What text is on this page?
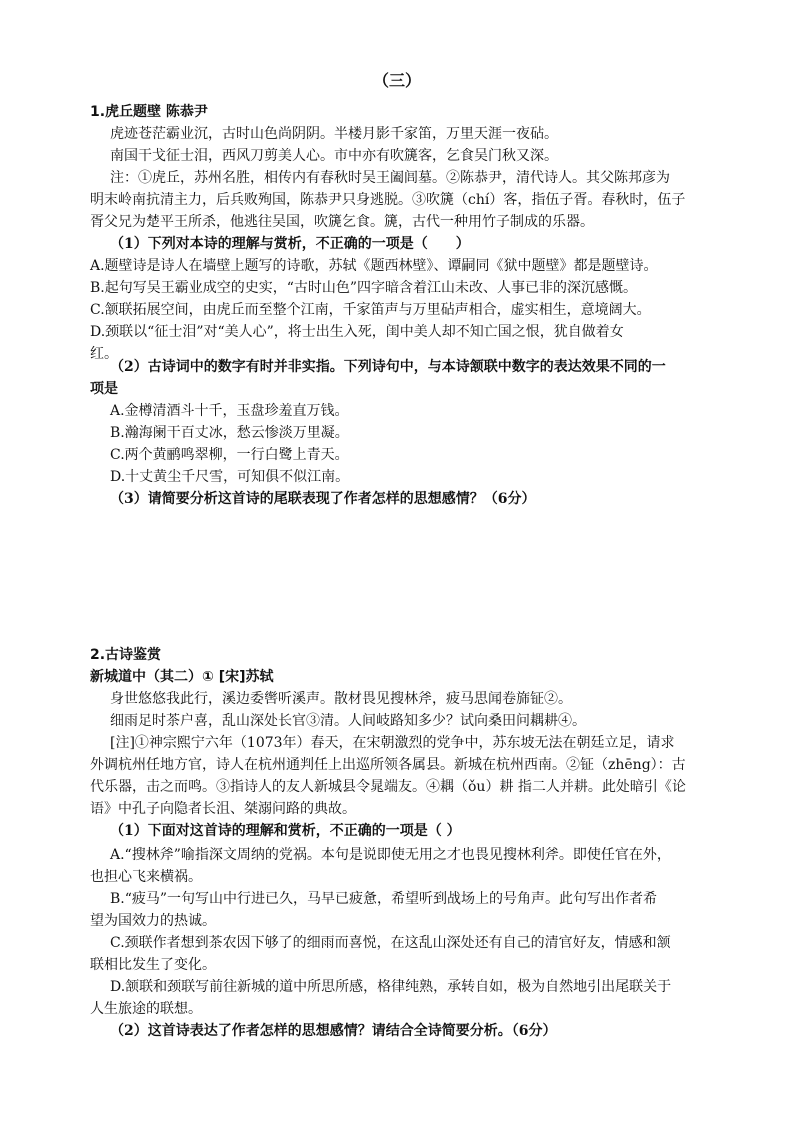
（三）
1.虎丘题壁 陈恭尹
虎迹苍茫霸业沉，古时山色尚阴阴。半楼月影千家笛，万里天涯一夜砧。
南国干戈征士泪，西风刀剪美人心。市中亦有吹篪客，乞食吴门秋又深。
注：①虎丘，苏州名胜，相传内有春秋时吴王阖闾墓。②陈恭尹，清代诗人。其父陈邦彦为
明末岭南抗清主力，后兵败殉国，陈恭尹只身逃脱。③吹篪（chí）客，指伍子胥。春秋时，伍子
胥父兄为楚平王所杀，他逃往吴国，吹篪乞食。篪，古代一种用竹子制成的乐器。
（1）下列对本诗的理解与赏析，不正确的一项是（　　）
A.题壁诗是诗人在墙壁上题写的诗歌，苏轼《题西林壁》、谭嗣同《狱中题壁》都是题壁诗。
B.起句写吴王霸业成空的史实，“古时山色”四字暗含着江山未改、人事已非的深沉感慨。
C.颔联拓展空间，由虎丘而至整个江南，千家笛声与万里砧声相合，虚实相生，意境阔大。
D.颈联以“征士泪”对“美人心”，将士出生入死，闺中美人却不知亡国之恨，犹自做着女
红。
（2）古诗词中的数字有时并非实指。下列诗句中，与本诗颔联中数字的表达效果不同的一
项是
A.金樽清酒斗十千，玉盘珍羞直万钱。
B.瀚海阑干百丈冰，愁云惨淡万里凝。
C.两个黄鹂鸣翠柳，一行白鹭上青天。
D.十丈黄尘千尺雪，可知俱不似江南。
（3）请简要分析这首诗的尾联表现了作者怎样的思想感情？（6分）
2.古诗鉴赏
新城道中（其二）① [宋]苏轼
身世悠悠我此行，溪边委辔听溪声。散材畏见搜林斧，疲马思闻卷旆钲②。
细雨足时茶户喜，乱山深处长官③清。人间岐路知多少？试向桑田问耦耕④。
[注]①神宗熙宁六年（1073年）春天，在宋朝激烈的党争中，苏东坡无法在朝廷立足，请求
外调杭州任地方官，诗人在杭州通判任上出巡所领各属县。新城在杭州西南。②钲（zhēng）：古
代乐器，击之而鸣。③指诗人的友人新城县令晁端友。④耦（ǒu）耕 指二人并耕。此处暗引《论
语》中孔子向隐者长沮、桀溺问路的典故。
（1）下面对这首诗的理解和赏析，不正确的一项是（ ）
A.“搜林斧”喻指深文周纳的党祸。本句是说即使无用之才也畏见搜林利斧。即使任官在外，
也担心飞来横祸。
B.“疲马”一句写山中行进已久，马早已疲惫，希望听到战场上的号角声。此句写出作者希
望为国效力的热诚。
C.颈联作者想到茶农因下够了的细雨而喜悦，在这乱山深处还有自己的清官好友，情感和颔
联相比发生了变化。
D.颔联和颈联写前往新城的道中所思所感，格律纯熟，承转自如，极为自然地引出尾联关于
人生旅途的联想。
（2）这首诗表达了作者怎样的思想感情？请结合全诗简要分析。（6分）
